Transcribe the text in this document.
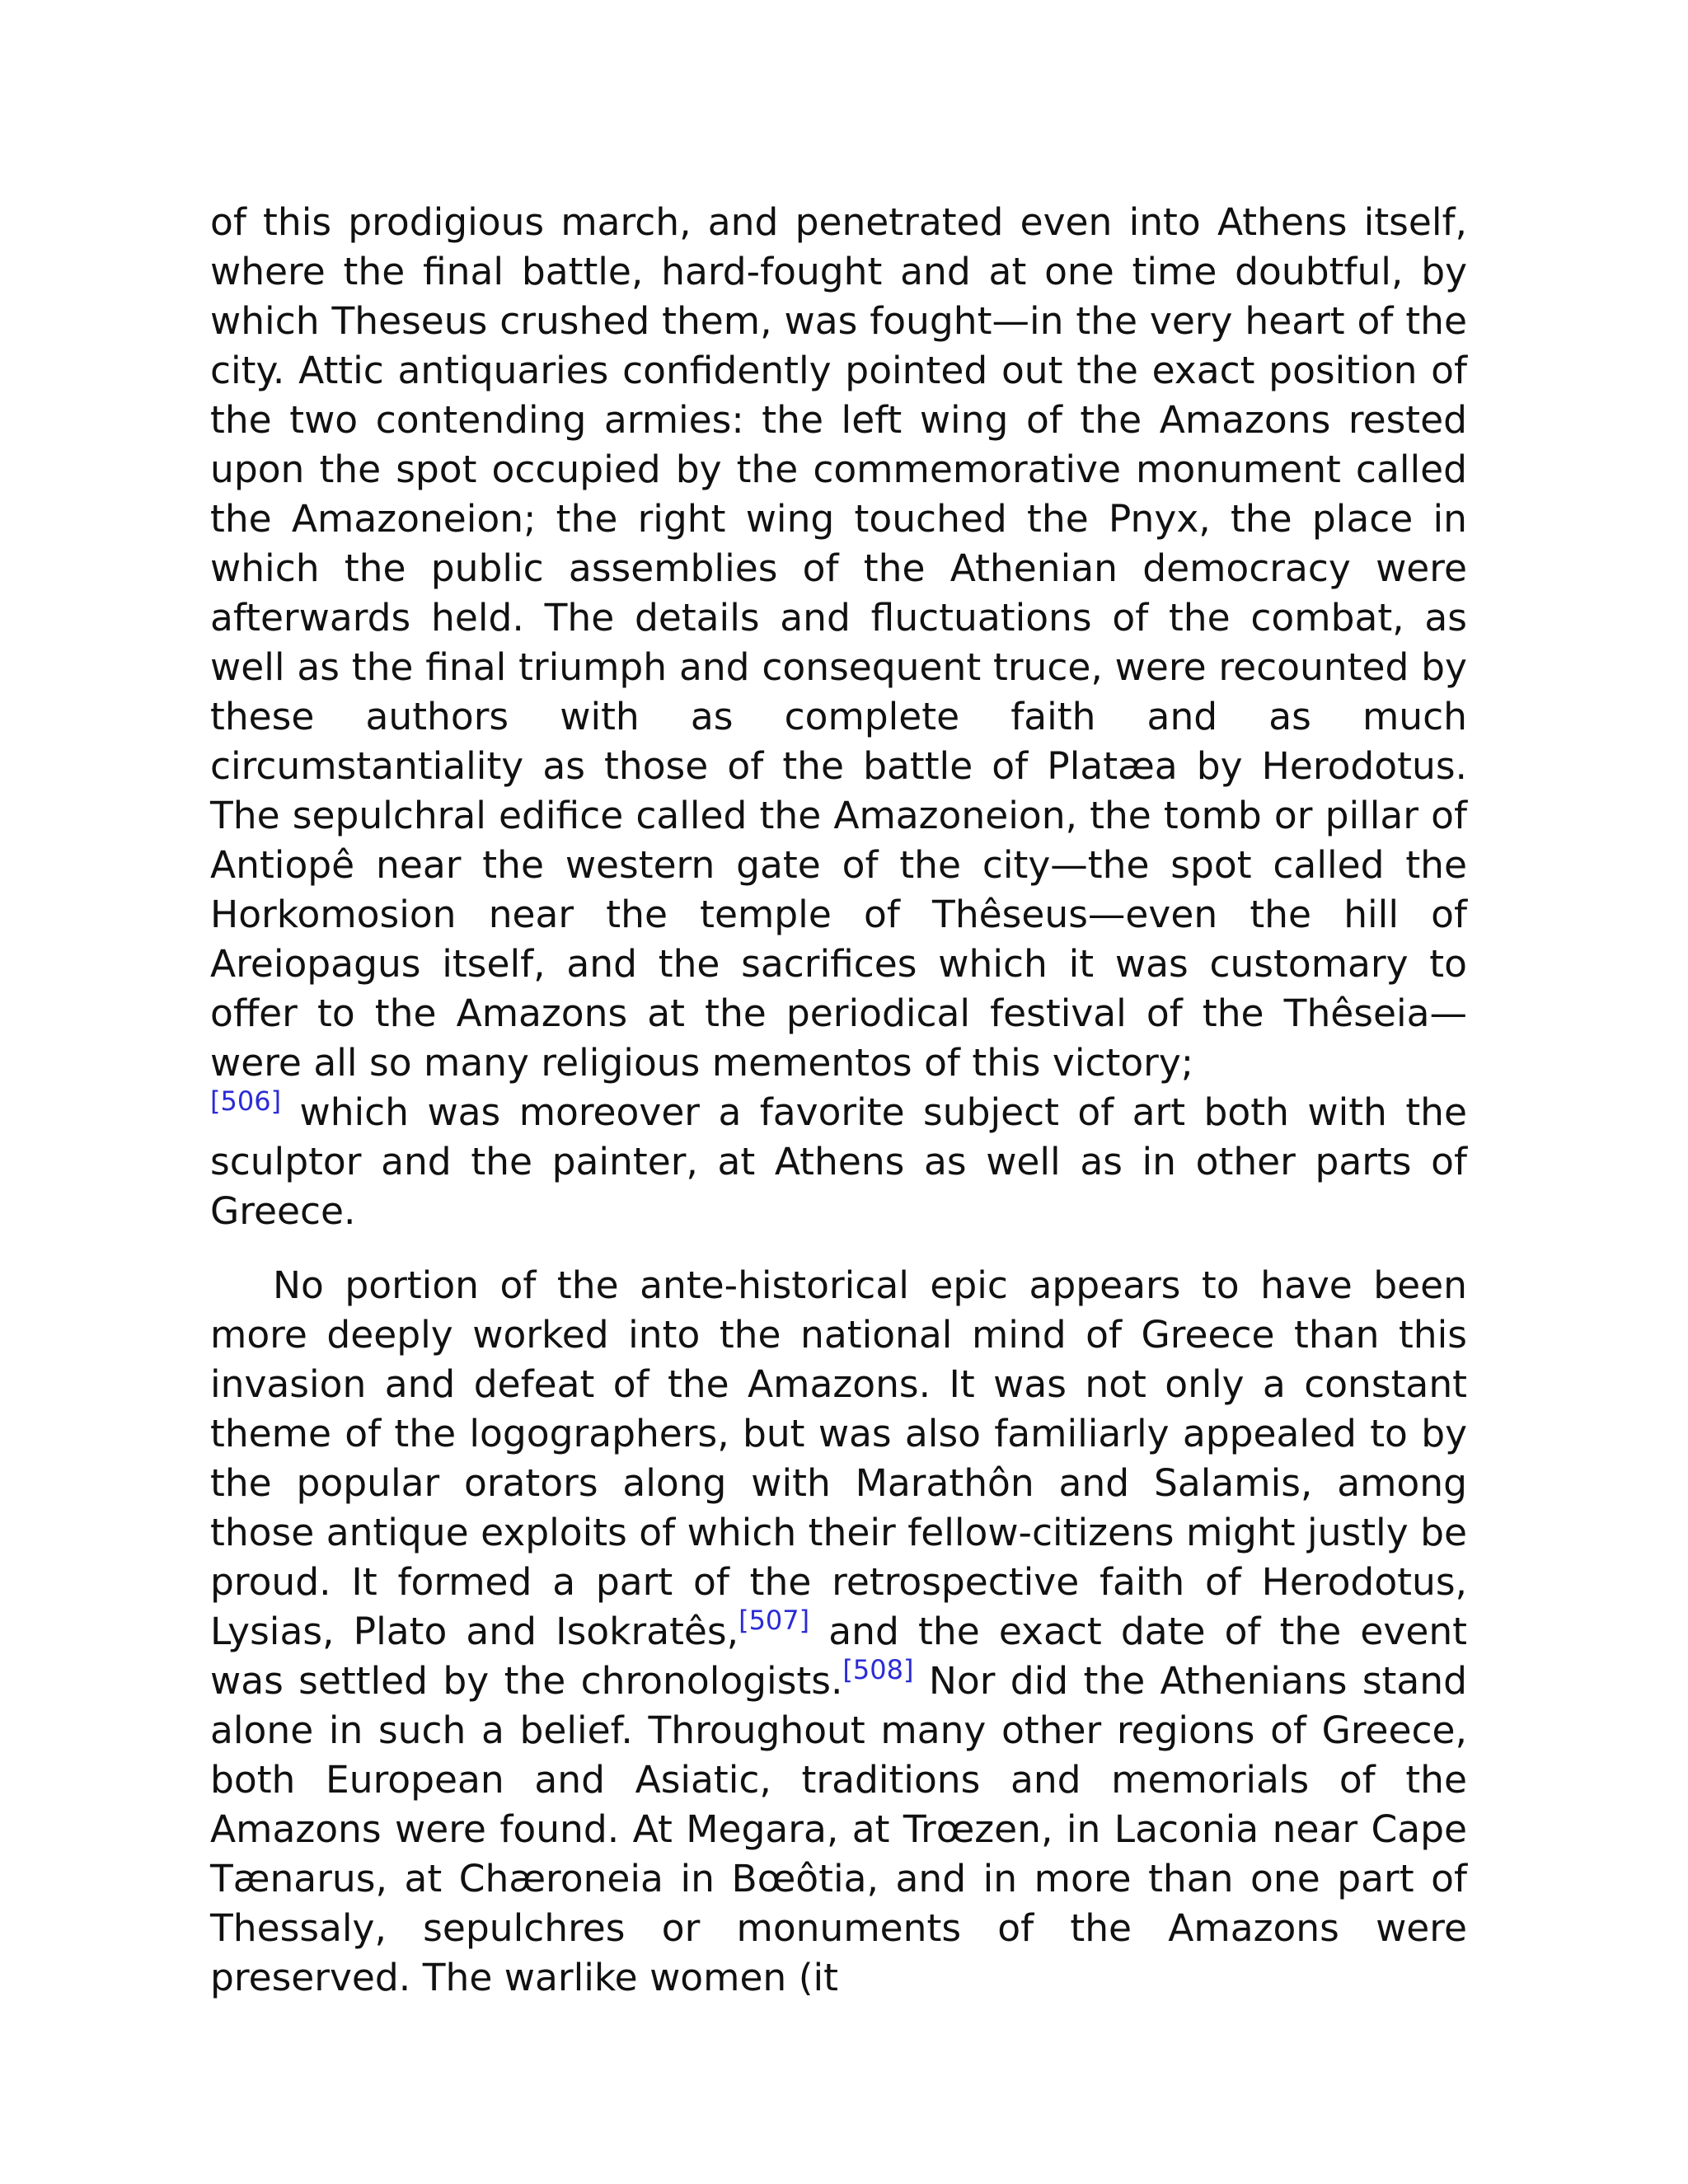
of this prodigious march, and penetrated even into Athens itself, where the final battle, hard-fought and at one time doubtful, by which Theseus crushed them, was fought—in the very heart of the city. Attic antiquaries confidently pointed out the exact position of the two contending armies: the left wing of the Amazons rested upon the spot occupied by the commemorative monument called the Amazoneion; the right wing touched the Pnyx, the place in which the public assemblies of the Athenian democracy were afterwards held. The details and fluctuations of the combat, as well as the final triumph and consequent truce, were recounted by these authors with as complete faith and as much circumstantiality as those of the battle of Platæa by Herodotus. The sepulchral edifice called the Amazoneion, the tomb or pillar of Antiopê near the western gate of the city—the spot called the Horkomosion near the temple of Thêseus—even the hill of Areiopagus itself, and the sacrifices which it was customary to offer to the Amazons at the periodical festival of the Thêseia—were all so many religious mementos of this victory;
[506] which was moreover a favorite subject of art both with the sculptor and the painter, at Athens as well as in other parts of Greece.

No portion of the ante-historical epic appears to have been more deeply worked into the national mind of Greece than this invasion and defeat of the Amazons. It was not only a constant theme of the logographers, but was also familiarly appealed to by the popular orators along with Marathôn and Salamis, among those antique exploits of which their fellow-citizens might justly be proud. It formed a part of the retrospective faith of Herodotus, Lysias, Plato and Isokratês,[507] and the exact date of the event was settled by the chronologists.[508] Nor did the Athenians stand alone in such a belief. Throughout many other regions of Greece, both European and Asiatic, traditions and memorials of the Amazons were found. At Megara, at Trœzen, in Laconia near Cape Tænarus, at Chæroneia in Bœôtia, and in more than one part of Thessaly, sepulchres or monuments of the Amazons were preserved. The warlike women (it
